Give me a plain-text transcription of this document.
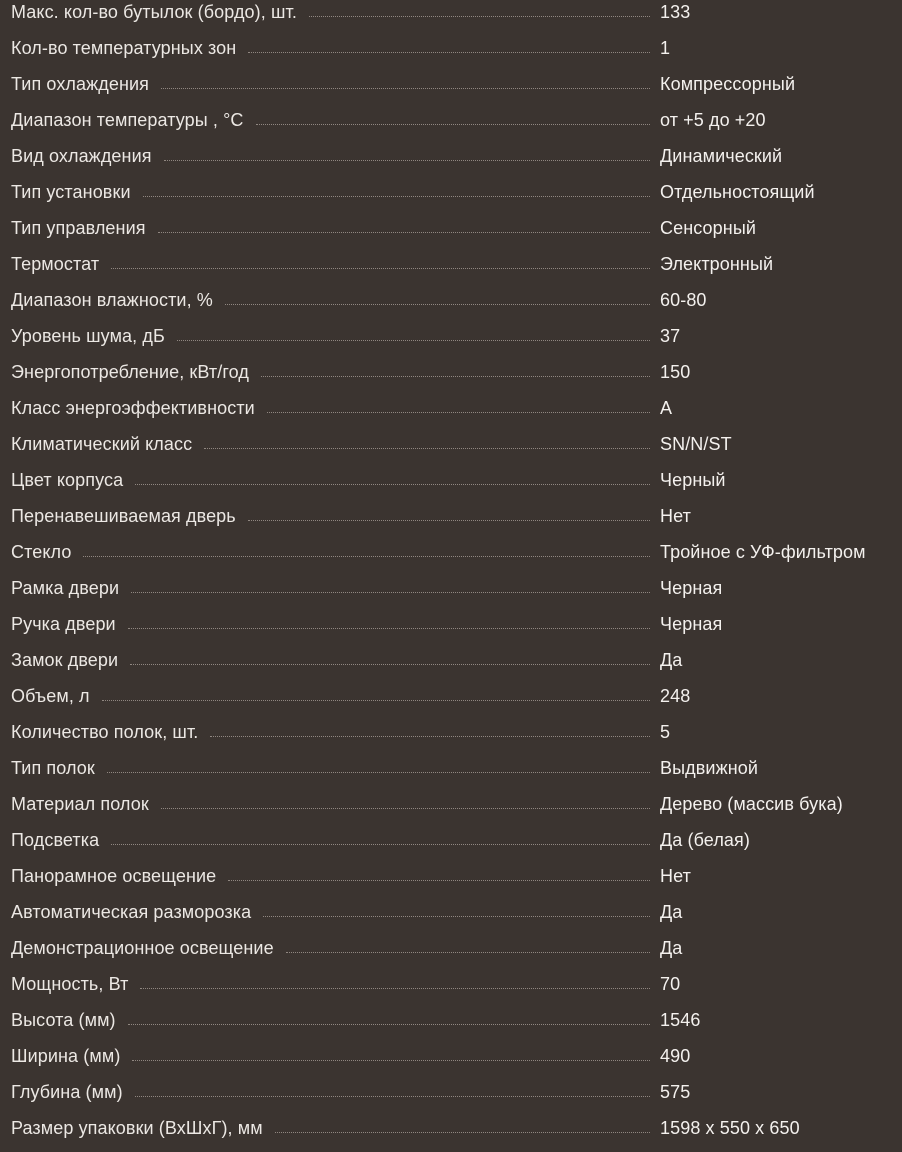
Макс. кол-во бутылок (бордо), шт.	133
Кол-во температурных зон	1
Тип охлаждения	Компрессорный
Диапазон температуры , °C	от +5 до +20
Вид охлаждения	Динамический
Тип установки	Отдельностоящий
Тип управления	Сенсорный
Термостат	Электронный
Диапазон влажности, %	60-80
Уровень шума, дБ	37
Энергопотребление, кВт/год	150
Класс энергоэффективности	A
Климатический класс	SN/N/ST
Цвет корпуса	Черный
Перенавешиваемая дверь	Нет
Стекло	Тройное с УФ-фильтром
Рамка двери	Черная
Ручка двери	Черная
Замок двери	Да
Объем, л	248
Количество полок, шт.	5
Тип полок	Выдвижной
Материал полок	Дерево (массив бука)
Подсветка	Да (белая)
Панорамное освещение	Нет
Автоматическая разморозка	Да
Демонстрационное освещение	Да
Мощность, Вт	70
Высота (мм)	1546
Ширина (мм)	490
Глубина (мм)	575
Размер упаковки (ВхШхГ), мм	1598 х 550 х 650
